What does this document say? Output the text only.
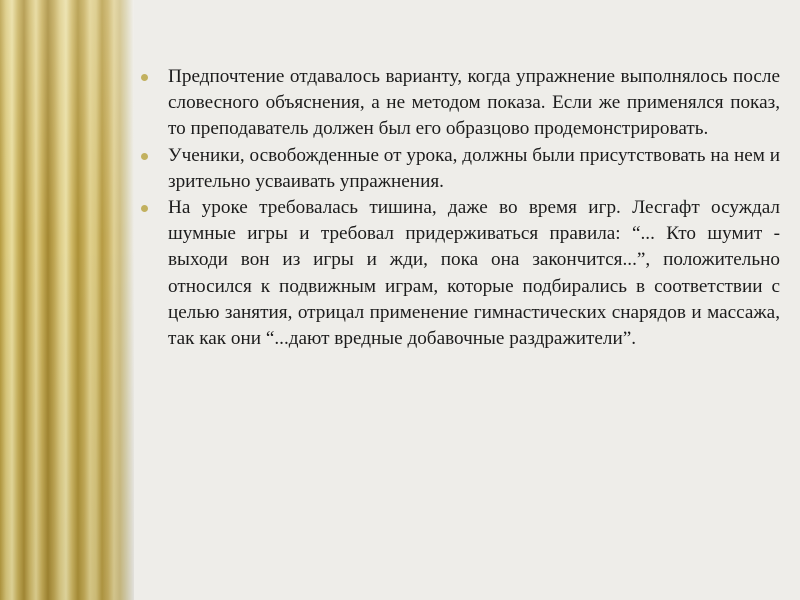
Предпочтение отдавалось варианту, когда упражнение выполнялось после словесного объяснения, а не методом показа. Если же применялся показ, то преподаватель должен был его образцово продемонстрировать.
Ученики, освобожденные от урока, должны были присутствовать на нем и зрительно усваивать упражнения.
На уроке требовалась тишина, даже во время игр. Лесгафт осуждал шумные игры и требовал придерживаться правила: “... Кто шумит - выходи вон из игры и жди, пока она закончится...”, положительно относился к подвижным играм, которые подбирались в соответствии с целью занятия, отрицал применение гимнастических снарядов и массажа, так как они “...дают вредные добавочные раздражители”.
